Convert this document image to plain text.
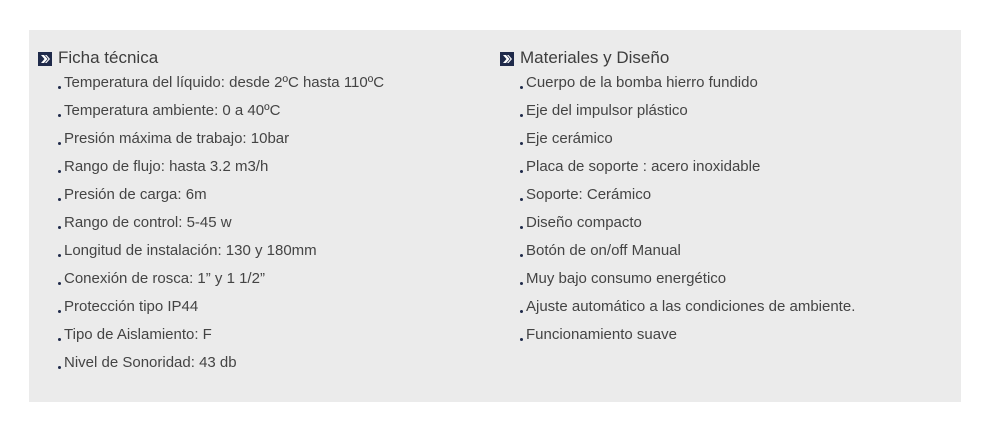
Ficha técnica
Temperatura del líquido: desde 2ºC hasta 110ºC
Temperatura ambiente: 0 a 40ºC
Presión máxima de trabajo: 10bar
Rango de flujo: hasta 3.2 m3/h
Presión de carga: 6m
Rango de control: 5-45 w
Longitud de instalación: 130 y 180mm
Conexión de rosca: 1” y 1 1/2”
Protección tipo IP44
Tipo de Aislamiento: F
Nivel de Sonoridad: 43 db
Materiales y Diseño
Cuerpo de la bomba hierro fundido
Eje del impulsor plástico
Eje cerámico
Placa de soporte : acero inoxidable
Soporte: Cerámico
Diseño compacto
Botón de on/off Manual
Muy bajo consumo energético
Ajuste automático a las condiciones de ambiente.
Funcionamiento suave
